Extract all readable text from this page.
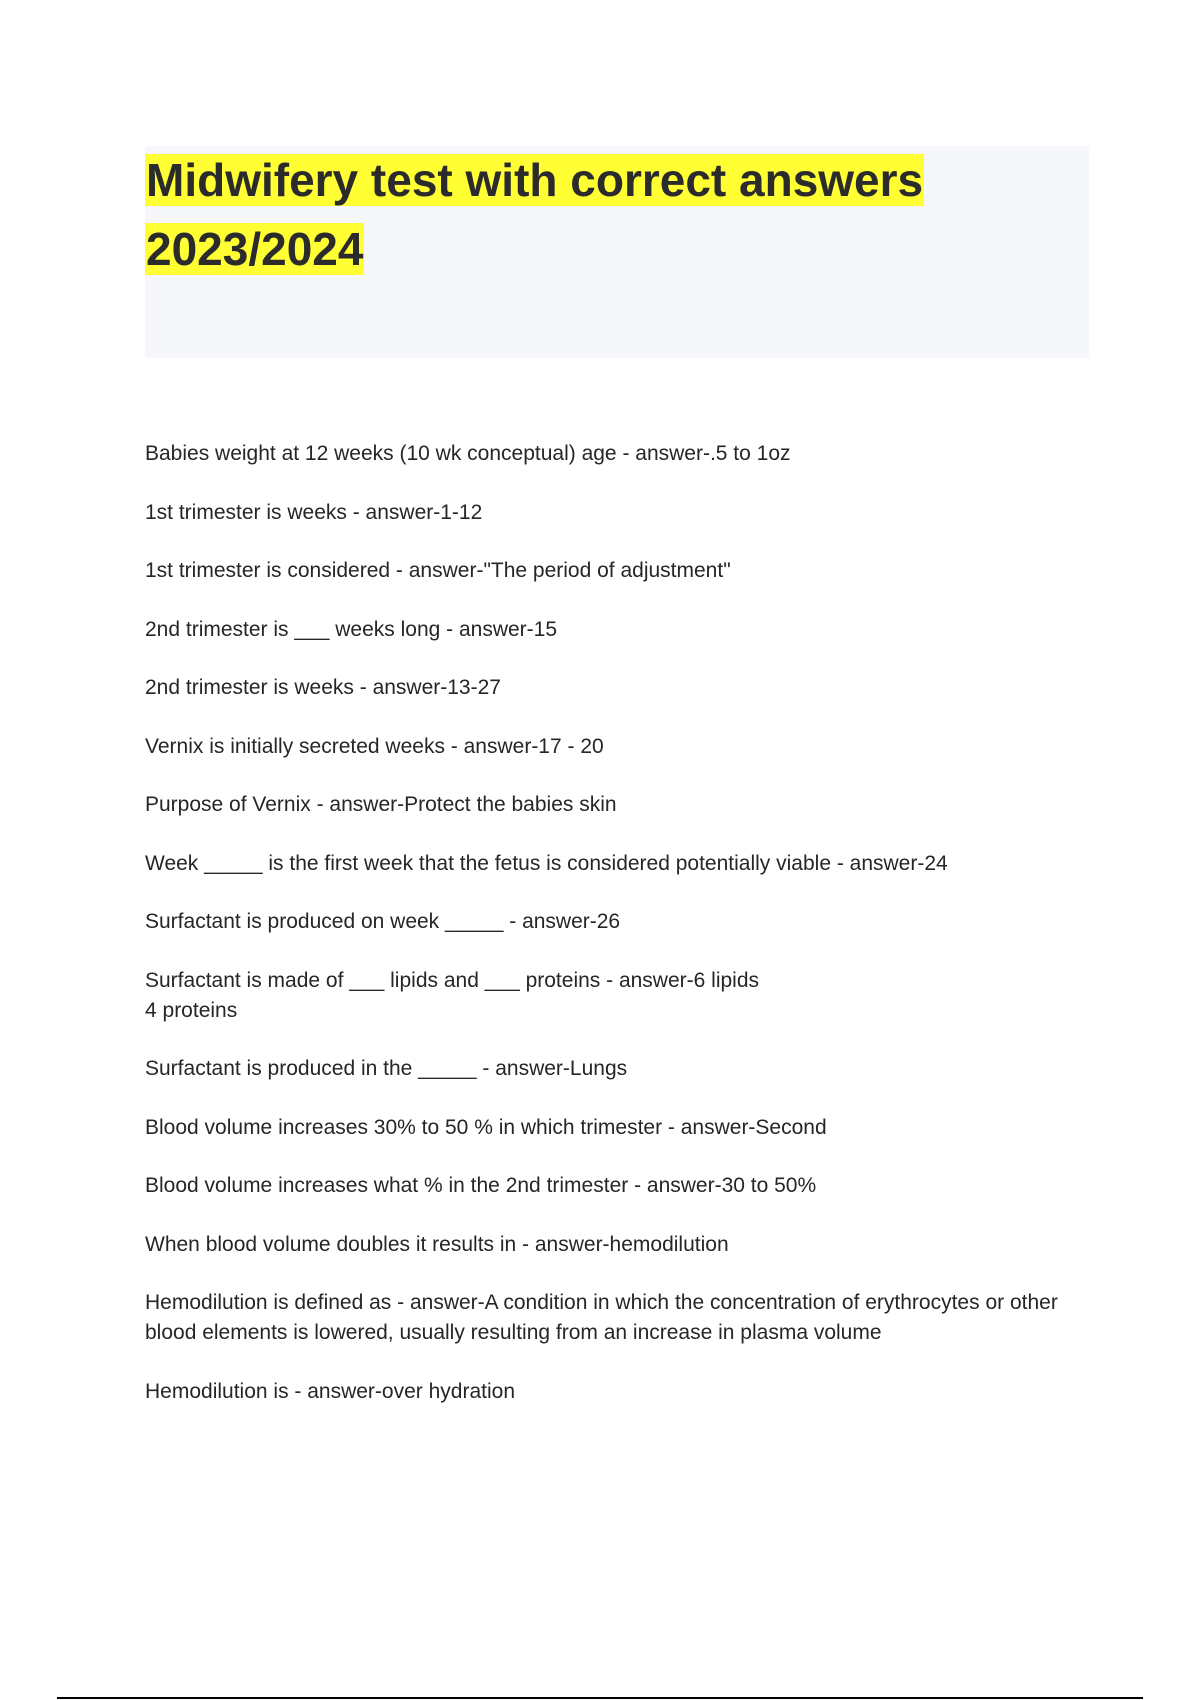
Midwifery test with correct answers 2023/2024

Babies weight at 12 weeks (10 wk conceptual) age - answer-.5 to 1oz

1st trimester is weeks - answer-1-12

1st trimester is considered - answer-"The period of adjustment"

2nd trimester is ___ weeks long - answer-15

2nd trimester is weeks - answer-13-27

Vernix is initially secreted weeks - answer-17 - 20

Purpose of Vernix - answer-Protect the babies skin

Week _____ is the first week that the fetus is considered potentially viable - answer-24

Surfactant is produced on week _____ - answer-26

Surfactant is made of ___ lipids and ___ proteins - answer-6 lipids
4 proteins

Surfactant is produced in the _____ - answer-Lungs

Blood volume increases 30% to 50 % in which trimester - answer-Second

Blood volume increases what % in the 2nd trimester - answer-30 to 50%

When blood volume doubles it results in - answer-hemodilution

Hemodilution is defined as - answer-A condition in which the concentration of erythrocytes or other blood elements is lowered, usually resulting from an increase in plasma volume

Hemodilution is - answer-over hydration
